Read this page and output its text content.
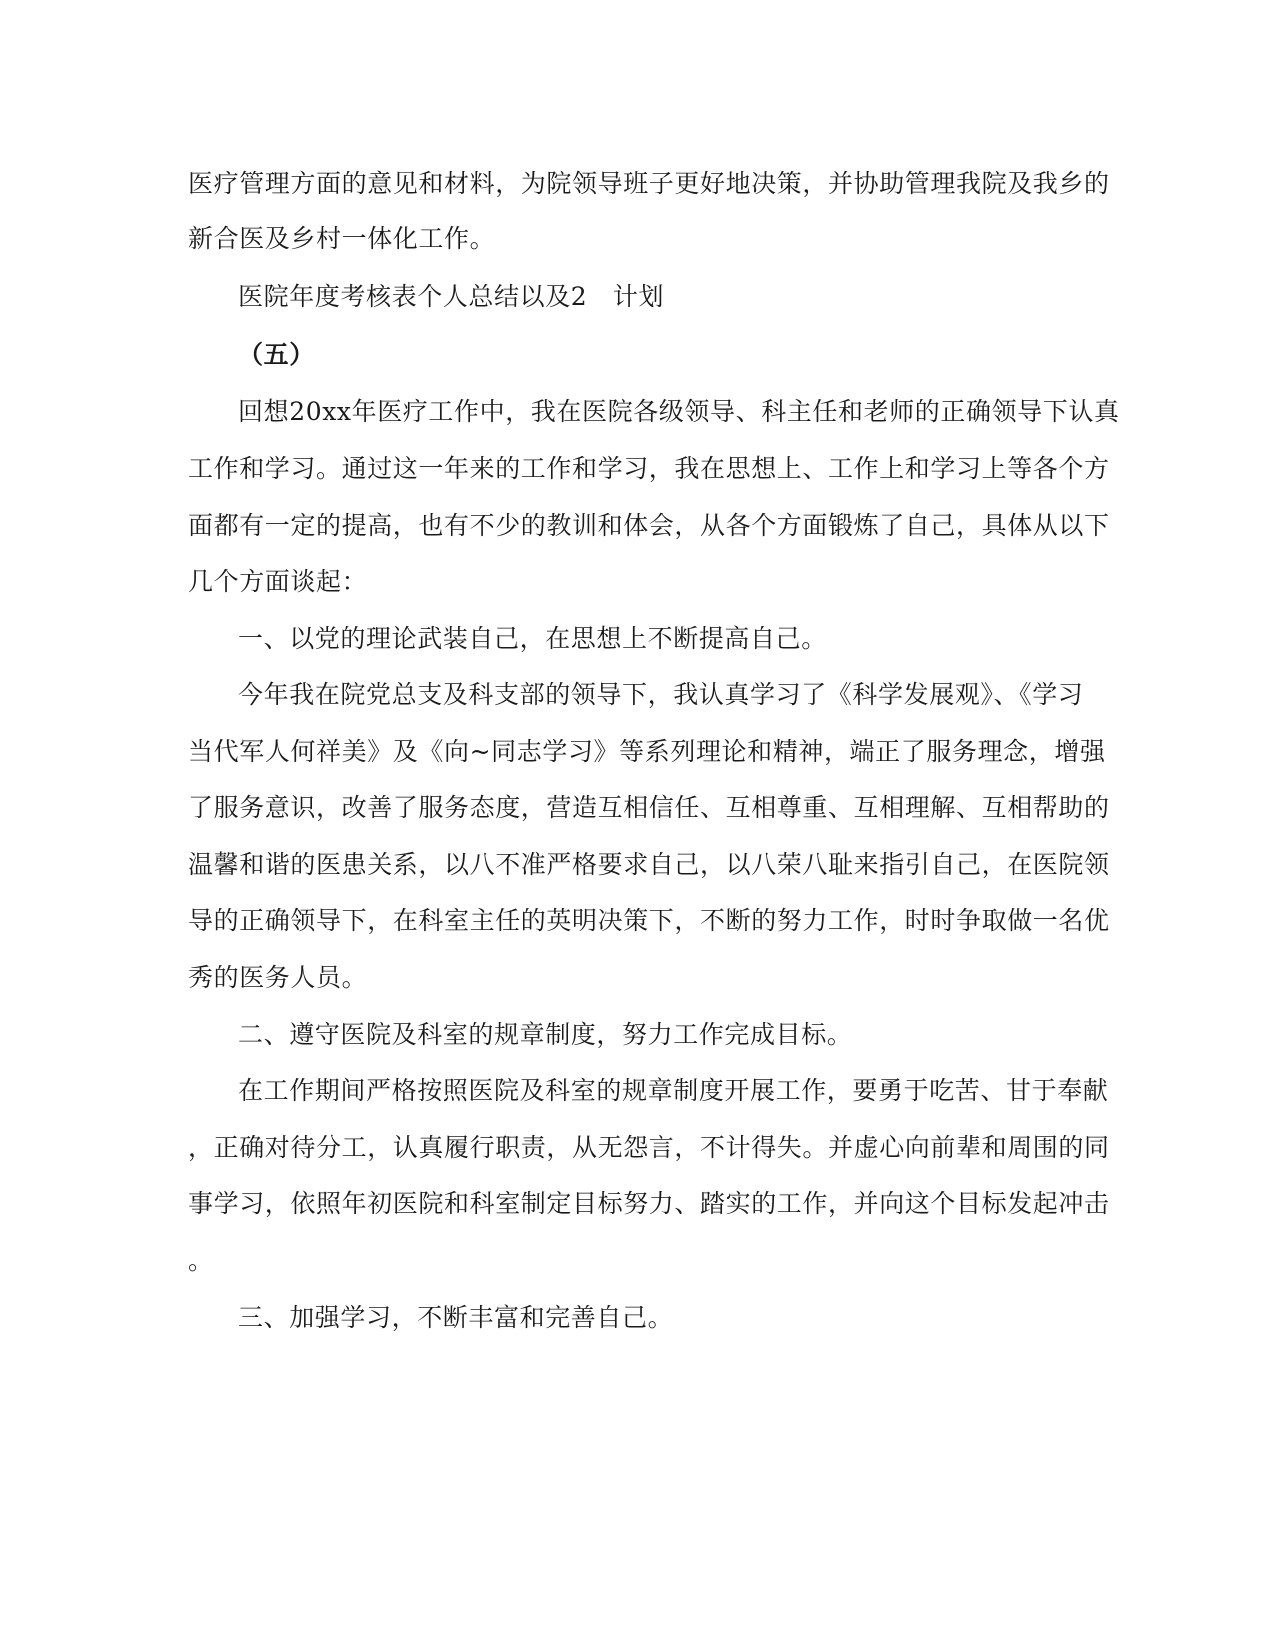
医疗管理方面的意见和材料，为院领导班子更好地决策，并协助管理我院及我乡的
新合医及乡村一体化工作。
医院年度考核表个人总结以及2　计划
（五）
回想20xx年医疗工作中，我在医院各级领导、科主任和老师的正确领导下认真
工作和学习。通过这一年来的工作和学习，我在思想上、工作上和学习上等各个方
面都有一定的提高，也有不少的教训和体会，从各个方面锻炼了自己，具体从以下
几个方面谈起：
一、以党的理论武装自己，在思想上不断提高自己。
今年我在院党总支及科支部的领导下，我认真学习了《科学发展观》、《学习
当代军人何祥美》及《向~同志学习》等系列理论和精神，端正了服务理念，增强
了服务意识，改善了服务态度，营造互相信任、互相尊重、互相理解、互相帮助的
温馨和谐的医患关系，以八不准严格要求自己，以八荣八耻来指引自己，在医院领
导的正确领导下，在科室主任的英明决策下，不断的努力工作，时时争取做一名优
秀的医务人员。
二、遵守医院及科室的规章制度，努力工作完成目标。
在工作期间严格按照医院及科室的规章制度开展工作，要勇于吃苦、甘于奉献
，正确对待分工，认真履行职责，从无怨言，不计得失。并虚心向前辈和周围的同
事学习，依照年初医院和科室制定目标努力、踏实的工作，并向这个目标发起冲击
。
三、加强学习，不断丰富和完善自己。
